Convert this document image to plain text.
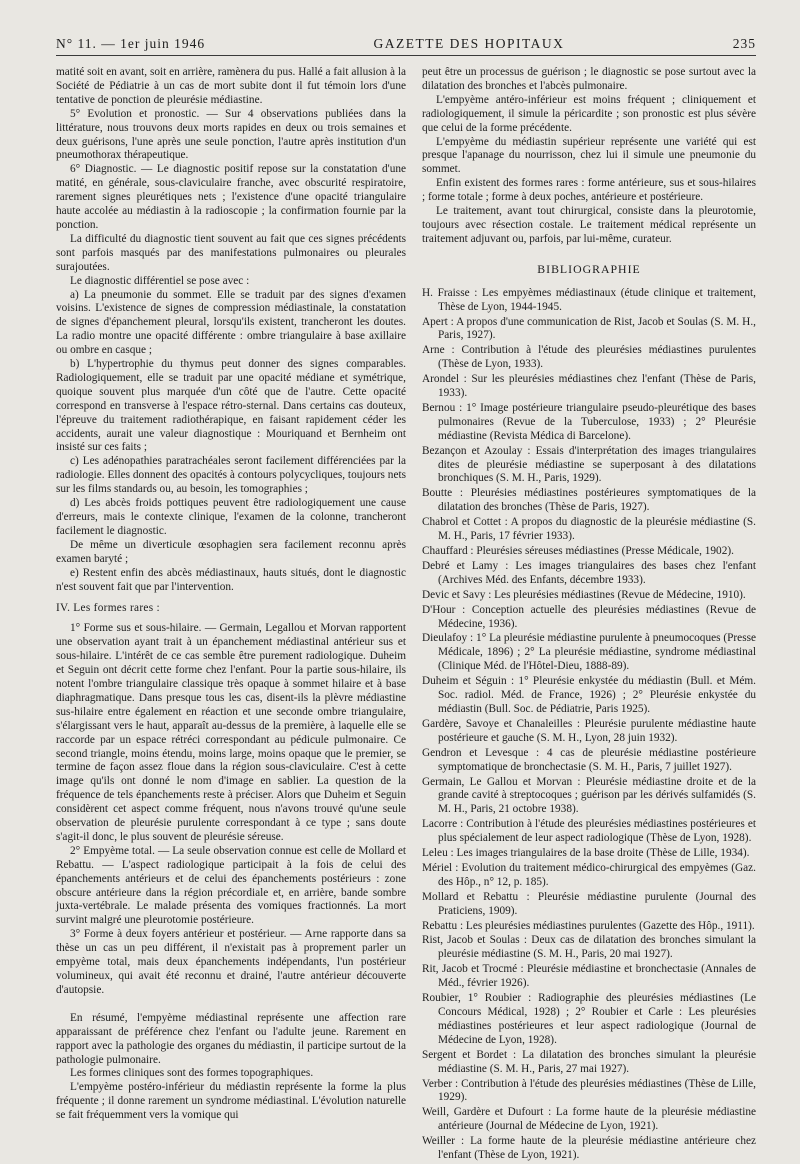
N° 11. — 1er juin 1946	GAZETTE DES HOPITAUX	235

matité soit en avant, soit en arrière, ramènera du pus. Hallé a fait allusion à la Société de Pédiatrie à un cas de mort subite dont il fut témoin lors d'une tentative de ponction de pleurésie médiastine.

5° Evolution et pronostic. — Sur 4 observations publiées dans la littérature, nous trouvons deux morts rapides en deux ou trois semaines et deux guérisons, l'une après une seule ponction, l'autre après institution d'un pneumothorax thérapeutique.

6° Diagnostic. — Le diagnostic positif repose sur la constatation d'une matité, en générale, sous-claviculaire franche, avec obscurité respiratoire, rarement signes pleurétiques nets ; l'existence d'une opacité triangulaire haute accolée au médiastin à la radioscopie ; la confirmation fournie par la ponction.

La difficulté du diagnostic tient souvent au fait que ces signes précédents sont parfois masqués par des manifestations pulmonaires ou pleurales surajoutées.

Le diagnostic différentiel se pose avec :

a) La pneumonie du sommet. Elle se traduit par des signes d'examen voisins. L'existence de signes de compression médiastinale, la constatation de signes d'épanchement pleural, lorsqu'ils existent, trancheront les doutes. La radio montre une opacité différente : ombre triangulaire à base axillaire ou ombre en casque ;

b) L'hypertrophie du thymus peut donner des signes comparables. Radiologiquement, elle se traduit par une opacité médiane et symétrique, quoique souvent plus marquée d'un côté que de l'autre. Cette opacité correspond en transverse à l'espace rétro-sternal. Dans certains cas douteux, l'épreuve du traitement radiothérapique, en faisant rapidement céder les accidents, aurait une valeur diagnostique : Mouriquand et Bernheim ont insisté sur ces faits ;

c) Les adénopathies paratrachéales seront facilement différenciées par la radiologie. Elles donnent des opacités à contours polycycliques, toujours nets sur les films standards ou, au besoin, les tomographies ;

d) Les abcès froids pottiques peuvent être radiologiquement une cause d'erreurs, mais le contexte clinique, l'examen de la colonne, trancheront facilement le diagnostic.

De même un diverticule œsophagien sera facilement reconnu après examen baryté ;

e) Restent enfin des abcès médiastinaux, hauts situés, dont le diagnostic n'est souvent fait que par l'intervention.

IV. Les formes rares :

1° Forme sus et sous-hilaire. — Germain, Legallou et Morvan rapportent une observation ayant trait à un épanchement médiastinal antérieur sus et sous-hilaire. L'intérêt de ce cas semble être purement radiologique. Duheim et Seguin ont décrit cette forme chez l'enfant. Pour la partie sous-hilaire, ils notent l'ombre triangulaire classique très opaque à sommet hilaire et à base diaphragmatique. Dans presque tous les cas, disent-ils la plèvre médiastine sus-hilaire entre également en réaction et une seconde ombre triangulaire, s'élargissant vers le haut, apparaît au-dessus de la première, à laquelle elle se raccorde par un espace rétréci correspondant au pédicule pulmonaire. Ce second triangle, moins étendu, moins large, moins opaque que le premier, se termine de façon assez floue dans la région sous-claviculaire. C'est à cette image qu'ils ont donné le nom d'image en sablier. La question de la fréquence de tels épanchements reste à préciser. Alors que Duheim et Seguin considèrent cet aspect comme fréquent, nous n'avons trouvé qu'une seule observation de pleurésie purulente correspondant à ce type ; sans doute s'agit-il donc, le plus souvent de pleurésie séreuse.

2° Empyème total. — La seule observation connue est celle de Mollard et Rebattu. — L'aspect radiologique participait à la fois de celui des épanchements antérieurs et de celui des épanchements postérieurs : zone obscure antérieure dans la région précordiale et, en arrière, bande sombre juxta-vertébrale. Le malade présenta des vomiques fractionnés. La mort survint malgré une pleurotomie postérieure.

3° Forme à deux foyers antérieur et postérieur. — Arne rapporte dans sa thèse un cas un peu différent, il n'existait pas à proprement parler un empyème total, mais deux épanchements indépendants, l'un postérieur volumineux, qui avait été reconnu et drainé, l'autre antérieur découverte d'autopsie.

En résumé, l'empyème médiastinal représente une affection rare apparaissant de préférence chez l'enfant ou l'adulte jeune. Rarement en rapport avec la pathologie des organes du médiastin, il participe surtout de la pathologie pulmonaire.

Les formes cliniques sont des formes topographiques.

L'empyème postéro-inférieur du médiastin représente la forme la plus fréquente ; il donne rarement un syndrome médiastinal. L'évolution naturelle se fait fréquemment vers la vomique qui

peut être un processus de guérison ; le diagnostic se pose surtout avec la dilatation des bronches et l'abcès pulmonaire.

L'empyème antéro-inférieur est moins fréquent ; cliniquement et radiologiquement, il simule la péricardite ; son pronostic est plus sévère que celui de la forme précédente.

L'empyème du médiastin supérieur représente une variété qui est presque l'apanage du nourrisson, chez lui il simule une pneumonie du sommet.

Enfin existent des formes rares : forme antérieure, sus et sous-hilaires ; forme totale ; forme à deux poches, antérieure et postérieure.

Le traitement, avant tout chirurgical, consiste dans la pleurotomie, toujours avec résection costale. Le traitement médical représente un traitement adjuvant ou, parfois, par lui-même, curateur.

BIBLIOGRAPHIE

H. Fraisse : Les empyèmes médiastinaux (étude clinique et traitement, Thèse de Lyon, 1944-1945.

Apert : A propos d'une communication de Rist, Jacob et Soulas (S. M. H., Paris, 1927).

Arne : Contribution à l'étude des pleurésies médiastines purulentes (Thèse de Lyon, 1933).

Arondel : Sur les pleurésies médiastines chez l'enfant (Thèse de Paris, 1933).

Bernou : 1° Image postérieure triangulaire pseudo-pleurétique des bases pulmonaires (Revue de la Tuberculose, 1933) ; 2° Pleurésie médiastine (Revista Médica di Barcelone).

Bezançon et Azoulay : Essais d'interprétation des images triangulaires dites de pleurésie médiastine se superposant à des dilatations bronchiques (S. M. H., Paris, 1929).

Boutte : Pleurésies médiastines postérieures symptomatiques de la dilatation des bronches (Thèse de Paris, 1927).

Chabrol et Cottet : A propos du diagnostic de la pleurésie médiastine (S. M. H., Paris, 17 février 1933).

Chauffard : Pleurésies séreuses médiastines (Presse Médicale, 1902).

Debré et Lamy : Les images triangulaires des bases chez l'enfant (Archives Méd. des Enfants, décembre 1933).

Devic et Savy : Les pleurésies médiastines (Revue de Médecine, 1910).

D'Hour : Conception actuelle des pleurésies médiastines (Revue de Médecine, 1936).

Dieulafoy : 1° La pleurésie médiastine purulente à pneumocoques (Presse Médicale, 1896) ; 2° La pleurésie médiastine, syndrome médiastinal (Clinique Méd. de l'Hôtel-Dieu, 1888-89).

Duheim et Séguin : 1° Pleurésie enkystée du médiastin (Bull. et Mém. Soc. radiol. Méd. de France, 1926) ; 2° Pleurésie enkystée du médiastin (Bull. Soc. de Pédiatrie, Paris 1925).

Gardère, Savoye et Chanaleilles : Pleurésie purulente médiastine haute postérieure et gauche (S. M. H., Lyon, 28 juin 1932).

Gendron et Levesque : 4 cas de pleurésie médiastine postérieure symptomatique de bronchectasie (S. M. H., Paris, 7 juillet 1927).

Germain, Le Gallou et Morvan : Pleurésie médiastine droite et de la grande cavité à streptocoques ; guérison par les dérivés sulfamidés (S. M. H., Paris, 21 octobre 1938).

Lacorre : Contribution à l'étude des pleurésies médiastines postérieures et plus spécialement de leur aspect radiologique (Thèse de Lyon, 1928).

Leleu : Les images triangulaires de la base droite (Thèse de Lille, 1934).

Mériel : Evolution du traitement médico-chirurgical des empyèmes (Gaz. des Hôp., n° 12, p. 185).

Mollard et Rebattu : Pleurésie médiastine purulente (Journal des Praticiens, 1909).

Rebattu : Les pleurésies médiastines purulentes (Gazette des Hôp., 1911).

Rist, Jacob et Soulas : Deux cas de dilatation des bronches simulant la pleurésie médiastine (S. M. H., Paris, 20 mai 1927).

Rit, Jacob et Trocmé : Pleurésie médiastine et bronchectasie (Annales de Méd., février 1926).

Roubier, 1° Roubier : Radiographie des pleurésies médiastines (Le Concours Médical, 1928) ; 2° Roubier et Carle : Les pleurésies médiastines postérieures et leur aspect radiologique (Journal de Médecine de Lyon, 1928).

Sergent et Bordet : La dilatation des bronches simulant la pleurésie médiastine (S. M. H., Paris, 27 mai 1927).

Verber : Contribution à l'étude des pleurésies médiastines (Thèse de Lille, 1929).

Weill, Gardère et Dufourt : La forme haute de la pleurésie médiastine antérieure (Journal de Médecine de Lyon, 1921).

Weiller : La forme haute de la pleurésie médiastine antérieure chez l'enfant (Thèse de Lyon, 1921).
